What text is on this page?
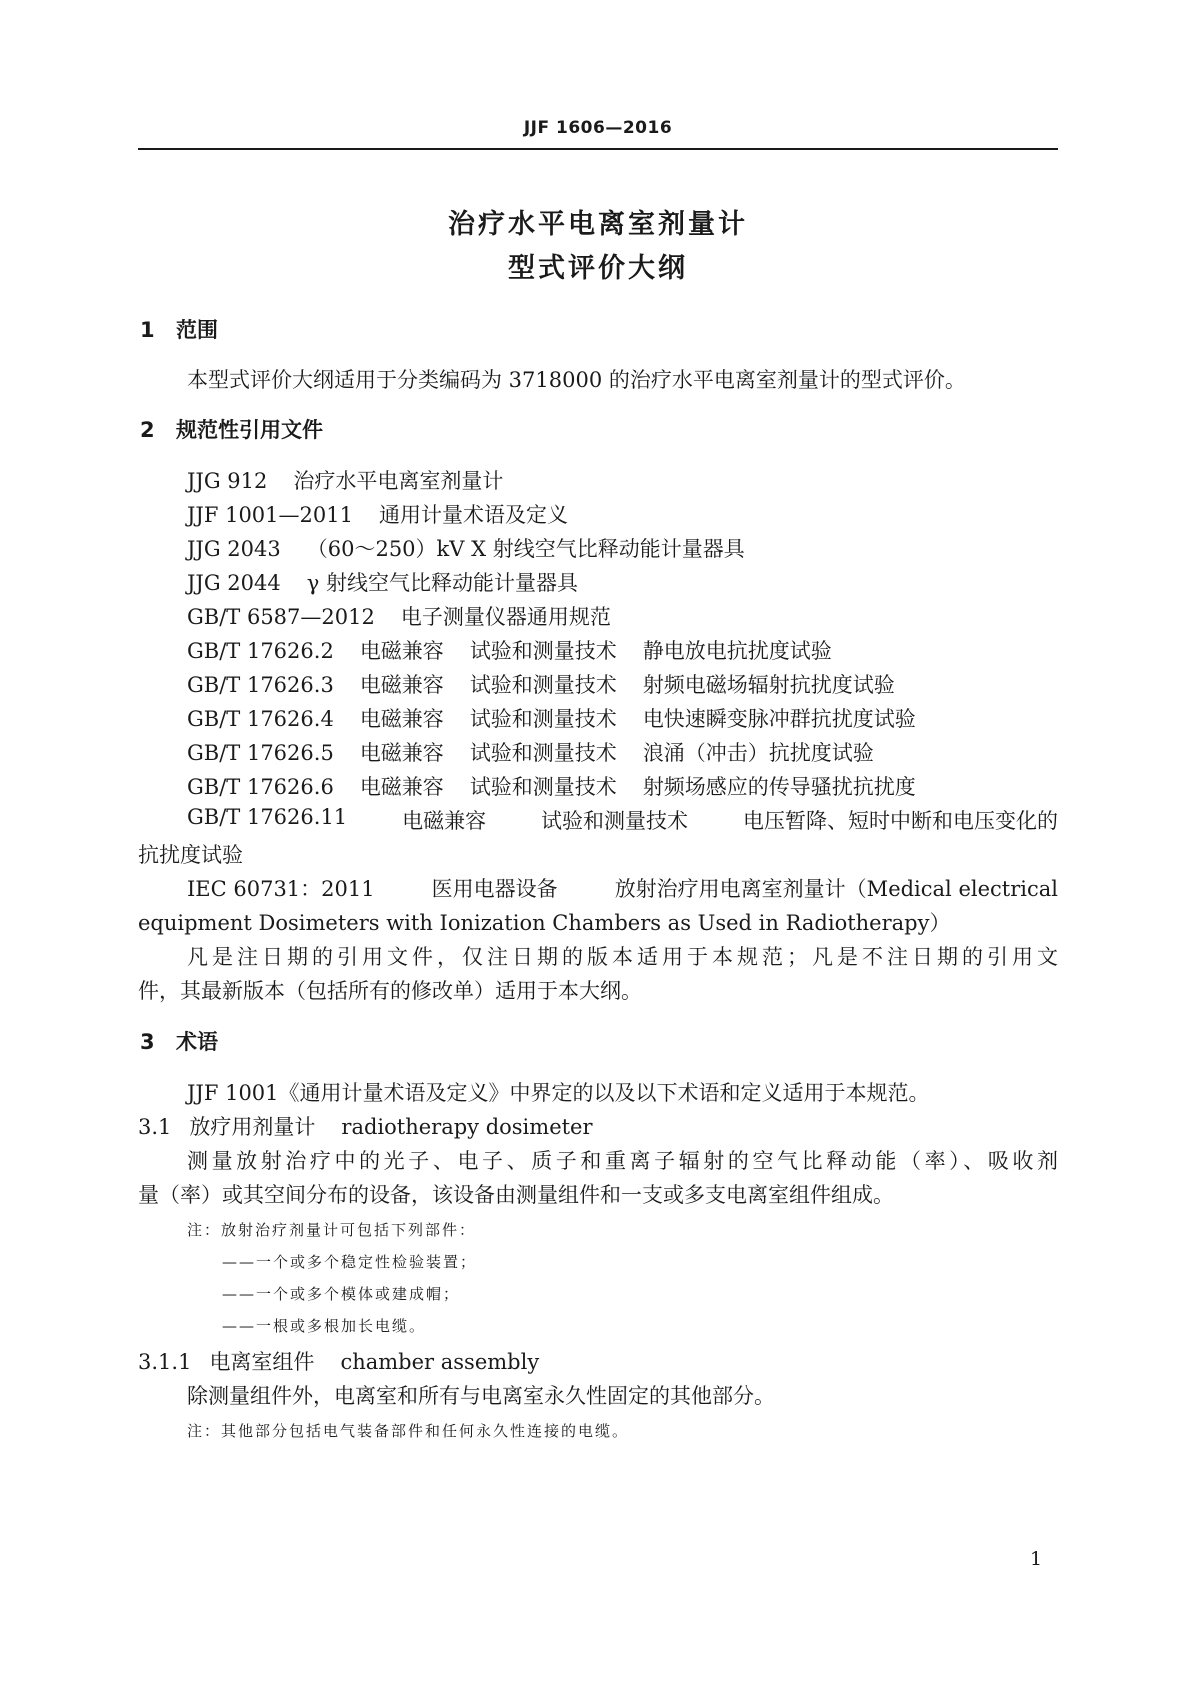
JJF 1606—2016
治疗水平电离室剂量计
型式评价大纲
1 范围
本型式评价大纲适用于分类编码为 3718000 的治疗水平电离室剂量计的型式评价。
2 规范性引用文件
JJG 912 治疗水平电离室剂量计
JJF 1001—2011 通用计量术语及定义
JJG 2043 （60～250）kV X 射线空气比释动能计量器具
JJG 2044 γ 射线空气比释动能计量器具
GB/T 6587—2012 电子测量仪器通用规范
GB/T 17626.2 电磁兼容 试验和测量技术 静电放电抗扰度试验
GB/T 17626.3 电磁兼容 试验和测量技术 射频电磁场辐射抗扰度试验
GB/T 17626.4 电磁兼容 试验和测量技术 电快速瞬变脉冲群抗扰度试验
GB/T 17626.5 电磁兼容 试验和测量技术 浪涌（冲击）抗扰度试验
GB/T 17626.6 电磁兼容 试验和测量技术 射频场感应的传导骚扰抗扰度
GB/T 17626.11	电磁兼容	试验和测量技术	电压暂降、短时中断和电压变化的
抗扰度试验
IEC 60731：2011	医用电器设备	放射治疗用电离室剂量计（Medical electrical
equipment Dosimeters with Ionization Chambers as Used in Radiotherapy）
凡是注日期的引用文件，仅注日期的版本适用于本规范；凡是不注日期的引用文
件，其最新版本（包括所有的修改单）适用于本大纲。
3 术语
JJF 1001《通用计量术语及定义》中界定的以及以下术语和定义适用于本规范。
3.1 放疗用剂量计 radiotherapy dosimeter
测量放射治疗中的光子、电子、质子和重离子辐射的空气比释动能（率）、吸收剂
量（率）或其空间分布的设备，该设备由测量组件和一支或多支电离室组件组成。
注：放射治疗剂量计可包括下列部件：
——一个或多个稳定性检验装置；
——一个或多个模体或建成帽；
——一根或多根加长电缆。
3.1.1 电离室组件 chamber assembly
除测量组件外，电离室和所有与电离室永久性固定的其他部分。
注：其他部分包括电气装备部件和任何永久性连接的电缆。
1
